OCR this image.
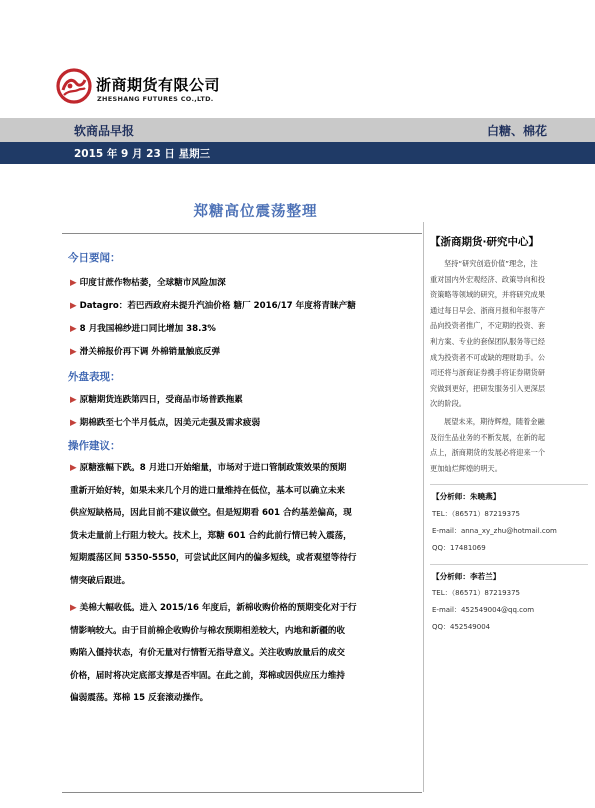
浙商期货有限公司
ZHESHANG FUTURES CO.,LTD.
软商品早报	白糖、棉花
2015 年 9 月 23 日 星期三
郑糖高位震荡整理
今日要闻：
▶ 印度甘蔗作物枯萎，全球糖市风险加深
▶ Datagro：若巴西政府未提升汽油价格 糖厂 2016/17 年度将青睐产糖
▶ 8 月我国棉纱进口同比增加 38.3%
▶ 滑关棉报价再下调 外棉销量触底反弹
外盘表现：
▶ 原糖期货连跌第四日，受商品市场普跌拖累
▶ 期棉跌至七个半月低点，因美元走强及需求疲弱
操作建议：
▶ 原糖涨幅下跌。8 月进口开始缩量，市场对于进口管制政策效果的预期
重新开始好转，如果未来几个月的进口量维持在低位，基本可以确立未来
供应短缺格局，因此目前不建议做空。但是短期看 601 合约基差偏高，现
货未走量前上行阻力较大。技术上，郑糖 601 合约此前行情已转入震荡，
短期震荡区间 5350-5550，可尝试此区间内的偏多短线，或者观望等待行
情突破后跟进。
▶ 美棉大幅收低。进入 2015/16 年度后，新棉收购价格的预期变化对于行
情影响较大。由于目前棉企收购价与棉农预期相差较大，内地和新疆的收
购陷入僵持状态，有价无量对行情暂无指导意义。关注收购放量后的成交
价格，届时将决定底部支撑是否牢固。在此之前，郑棉或因供应压力维持
偏弱震荡。郑棉 15 反套滚动操作。
【浙商期货·研究中心】
坚持“研究创造价值”理念，注
重对国内外宏观经济、政策导向和投
资策略等领域的研究，并将研究成果
通过每日早会、浙商月报和年报等产
品向投资者推广，不定期的投资、套
利方案、专业的套保团队服务等已经
成为投资者不可或缺的理财助手。公
司还将与浙商证券携手将证券期货研
究做到更好，把研发服务引入更深层
次的阶段。
展望未来，期待辉煌，随着金融
及衍生品业务的不断发展，在新的起
点上，浙商期货的发展必将迎来一个
更加灿烂辉煌的明天。
【分析师：朱曉燕】
TEL：（86571）87219375
E-mail：anna_xy_zhu@hotmail.com
QQ：17481069
【分析师：李若兰】
TEL：（86571）87219375
E-mail：452549004@qq.com
QQ：452549004
